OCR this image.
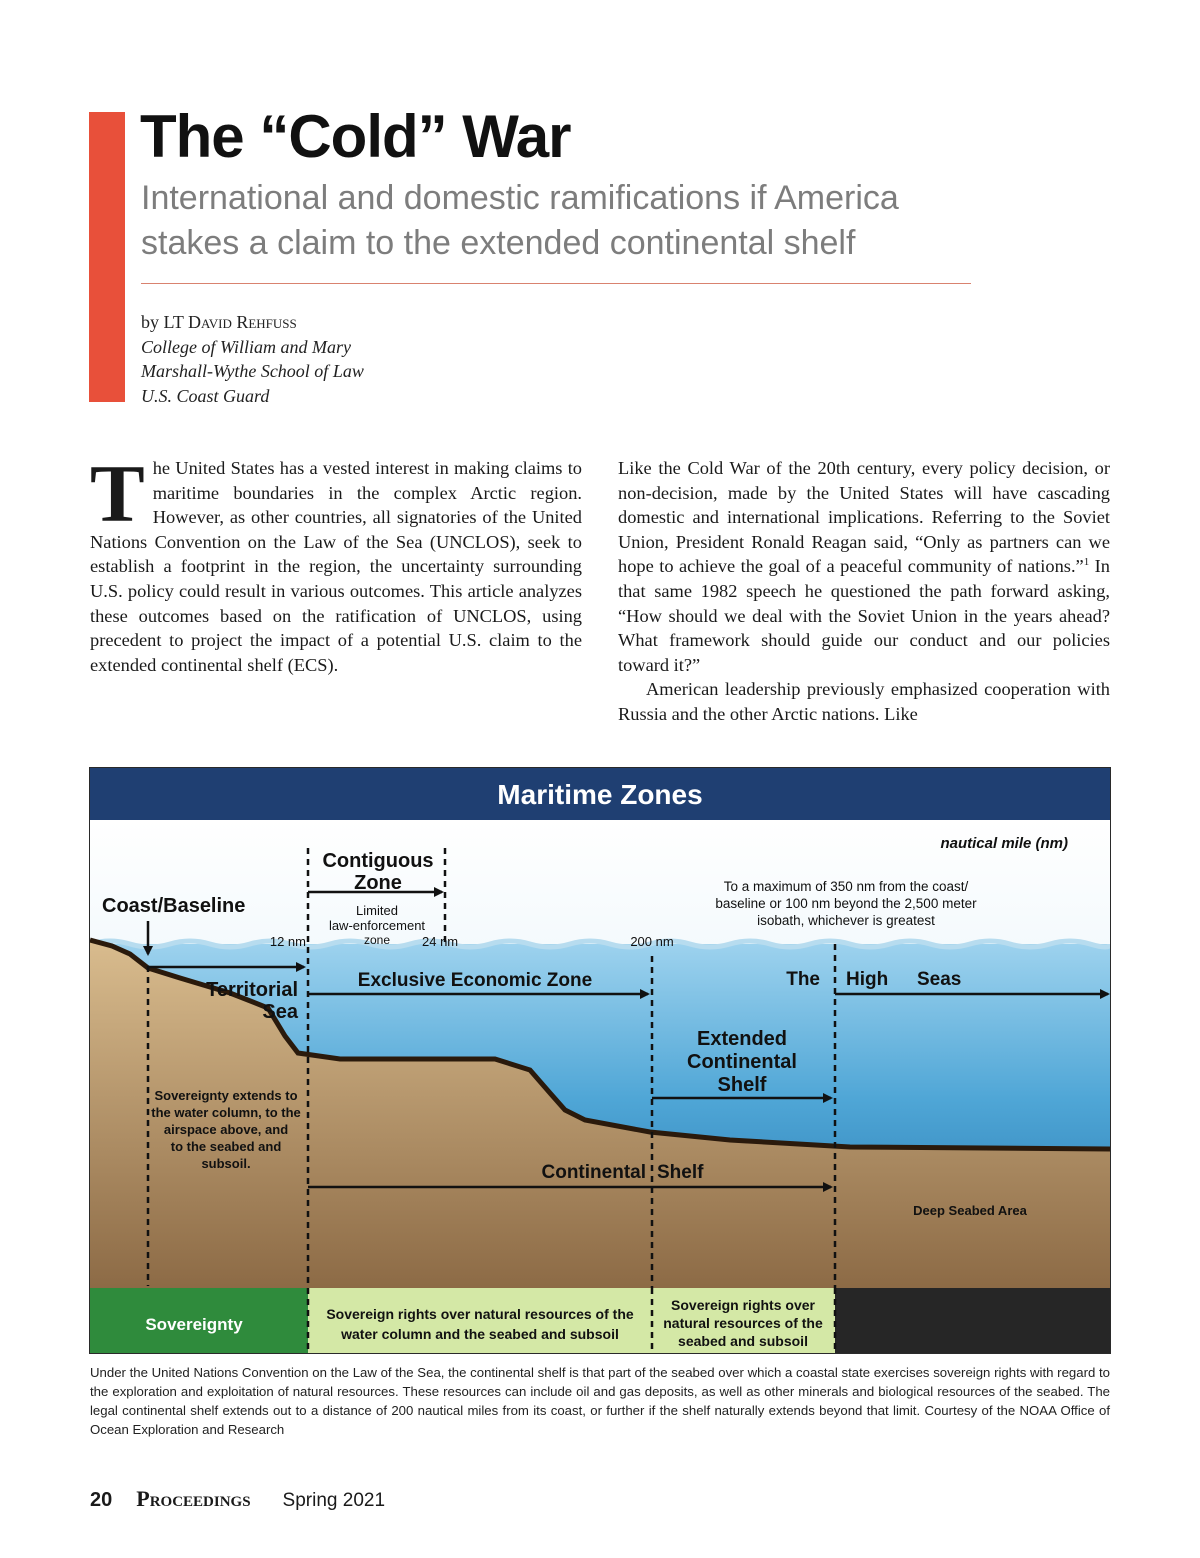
The “Cold” War
International and domestic ramifications if America stakes a claim to the extended continental shelf
by LT David Rehfuss
College of William and Mary
Marshall-Wythe School of Law
U.S. Coast Guard

The United States has a vested interest in making claims to maritime boundaries in the complex Arctic region. However, as other countries, all signatories of the United Nations Convention on the Law of the Sea (UNCLOS), seek to establish a footprint in the region, the uncertainty surrounding U.S. policy could result in various outcomes. This article analyzes these outcomes based on the ratification of UNCLOS, using precedent to project the impact of a potential U.S. claim to the extended continental shelf (ECS).

Like the Cold War of the 20th century, every policy decision, or non-decision, made by the United States will have cascading domestic and international implications. Referring to the Soviet Union, President Ronald Reagan said, “Only as partners can we hope to achieve the goal of a peaceful community of nations.”$^1$ In that same 1982 speech he questioned the path forward asking, “How should we deal with the Soviet Union in the years ahead? What framework should guide our conduct and our policies toward it?”

American leadership previously emphasized cooperation with Russia and the other Arctic nations. Like

Maritime Zones
nautical mile (nm)
Coast/Baseline
Contiguous
Zone
Limited
law-enforcement
zone
12 nm	24 nm	200 nm
To a maximum of 350 nm from the coast/
baseline or 100 nm beyond the 2,500 meter
isobath, whichever is greatest
Territorial
Sea
Exclusive Economic Zone	The High Seas
Extended
Continental
Shelf
Sovereignty extends to
the water column, to the
airspace above, and
to the seabed and
subsoil.	Continental Shelf
Deep Seabed Area
Sovereignty
Sovereign rights over natural resources of the
water column and the seabed and subsoil
Sovereign rights over
natural resources of the
seabed and subsoil
Under the United Nations Convention on the Law of the Sea, the continental shelf is that part of the seabed over which a coastal state exercises sovereign rights with regard to the exploration and exploitation of natural resources. These resources can include oil and gas deposits, as well as other minerals and biological resources of the seabed. The legal continental shelf extends out to a distance of 200 nautical miles from its coast, or further if the shelf naturally extends beyond that limit. Courtesy of the NOAA Office of Ocean Exploration and Research
20 Proceedings Spring 2021
